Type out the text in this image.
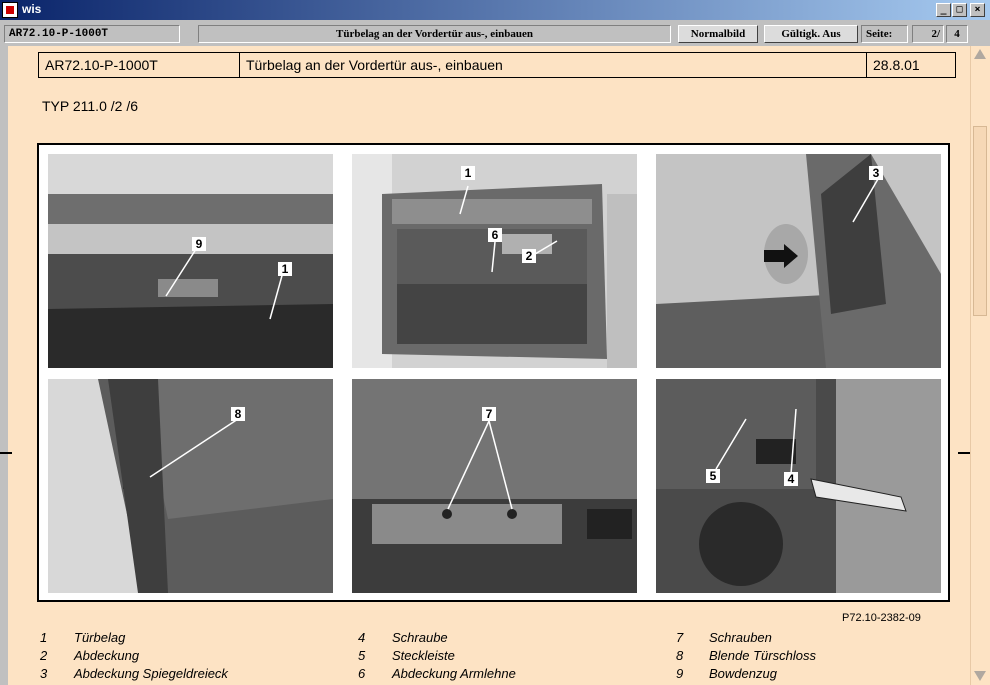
wis	_ □	×
AR72.10-P-1000T	Türbelag an der Vordertür aus-, einbauen	Normalbild	Gültigk. Aus	Seite:	2/	4
AR72.10-P-1000T	Türbelag an der Vordertür aus-, einbauen	28.8.01
TYP 211.0 /2 /6
9
1
1
6
2
3
8	7
5	4
P72.10-2382-09
1 Türbelag
2 Abdeckung
3 Abdeckung Spiegeldreieck
4 Schraube
5 Steckleiste
6 Abdeckung Armlehne
7 Schrauben
8 Blende Türschloss
9 Bowdenzug
